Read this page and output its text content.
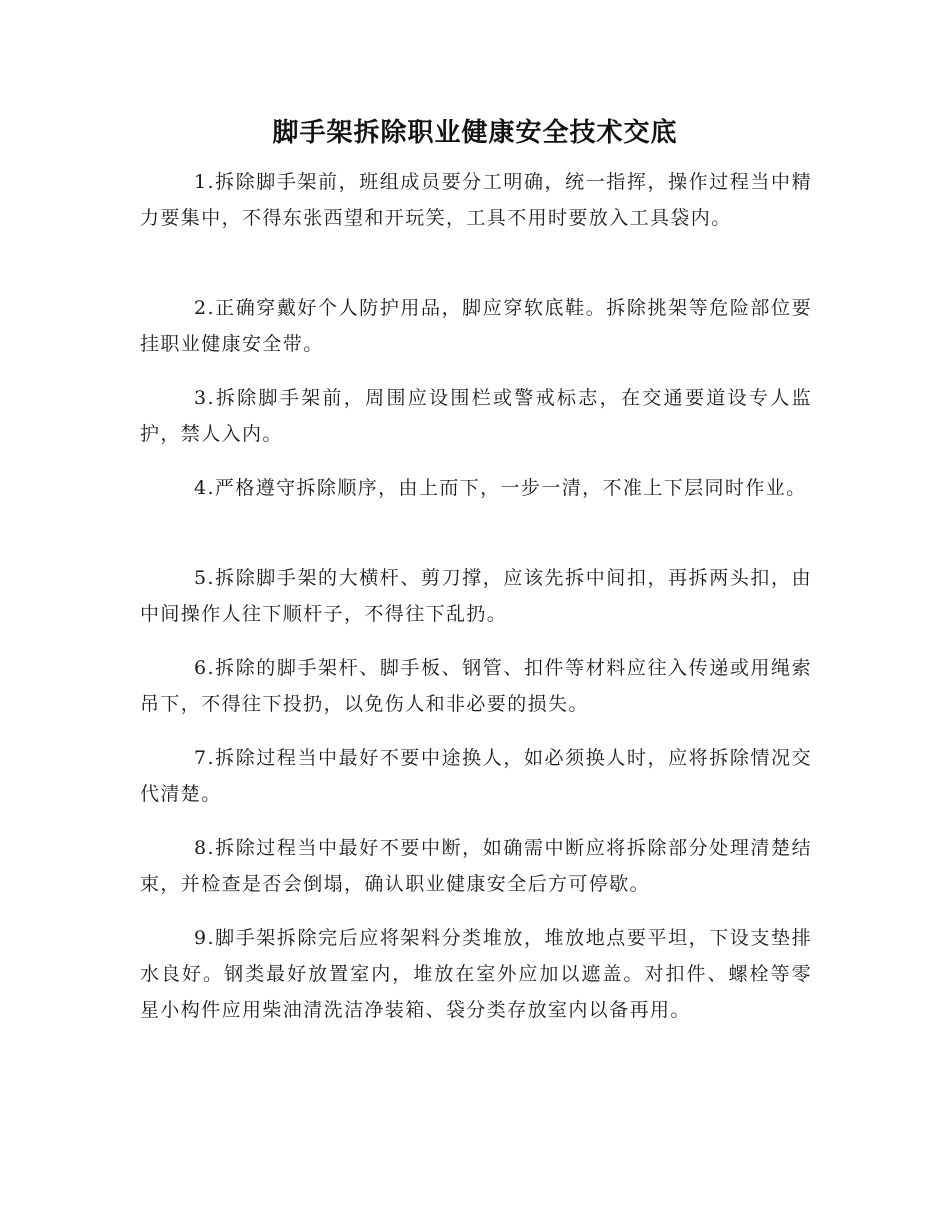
脚手架拆除职业健康安全技术交底

1.拆除脚手架前，班组成员要分工明确，统一指挥，操作过程当中精力要集中，不得东张西望和开玩笑，工具不用时要放入工具袋内。

2.正确穿戴好个人防护用品，脚应穿软底鞋。拆除挑架等危险部位要挂职业健康安全带。

3.拆除脚手架前，周围应设围栏或警戒标志，在交通要道设专人监护，禁人入内。

4.严格遵守拆除顺序，由上而下，一步一清，不准上下层同时作业。

5.拆除脚手架的大横杆、剪刀撑，应该先拆中间扣，再拆两头扣，由中间操作人往下顺杆子，不得往下乱扔。

6.拆除的脚手架杆、脚手板、钢管、扣件等材料应往入传递或用绳索吊下，不得往下投扔，以免伤人和非必要的损失。

7.拆除过程当中最好不要中途换人，如必须换人时，应将拆除情况交代清楚。

8.拆除过程当中最好不要中断，如确需中断应将拆除部分处理清楚结束，并检查是否会倒塌，确认职业健康安全后方可停歇。

9.脚手架拆除完后应将架料分类堆放，堆放地点要平坦，下设支垫排水良好。钢类最好放置室内，堆放在室外应加以遮盖。对扣件、螺栓等零星小构件应用柴油清洗洁净装箱、袋分类存放室内以备再用。
